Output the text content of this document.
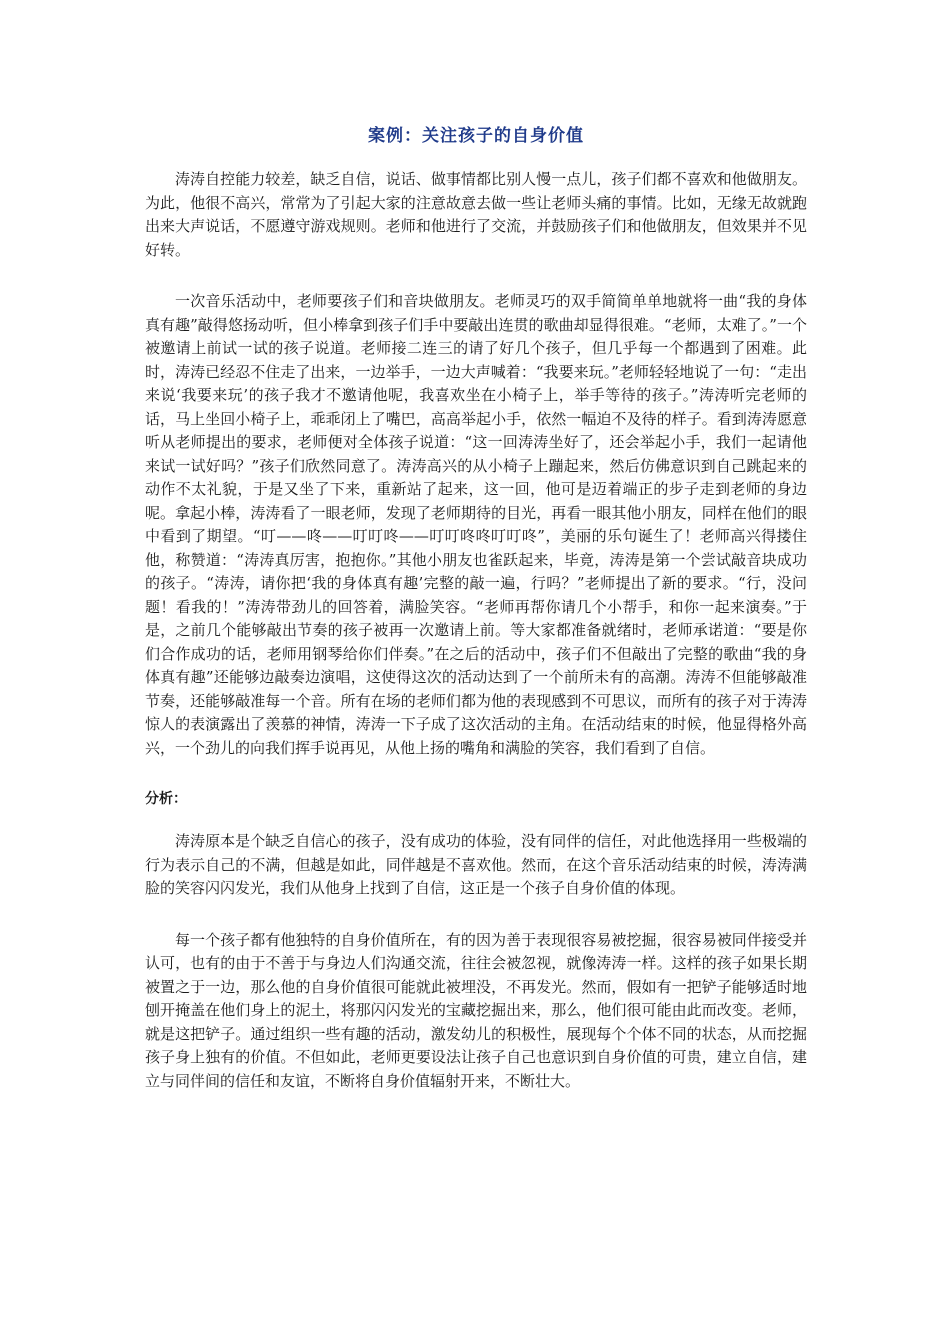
案例：关注孩子的自身价值

涛涛自控能力较差，缺乏自信，说话、做事情都比别人慢一点儿，孩子们都不喜欢和他做朋友。为此，他很不高兴，常常为了引起大家的注意故意去做一些让老师头痛的事情。比如，无缘无故就跑出来大声说话，不愿遵守游戏规则。老师和他进行了交流，并鼓励孩子们和他做朋友，但效果并不见好转。

一次音乐活动中，老师要孩子们和音块做朋友。老师灵巧的双手简简单单地就将一曲“我的身体真有趣”敲得悠扬动听，但小棒拿到孩子们手中要敲出连贯的歌曲却显得很难。“老师，太难了。”一个被邀请上前试一试的孩子说道。老师接二连三的请了好几个孩子，但几乎每一个都遇到了困难。此时，涛涛已经忍不住走了出来，一边举手，一边大声喊着：“我要来玩。”老师轻轻地说了一句：“走出来说‘我要来玩’的孩子我才不邀请他呢，我喜欢坐在小椅子上，举手等待的孩子。”涛涛听完老师的话，马上坐回小椅子上，乖乖闭上了嘴巴，高高举起小手，依然一幅迫不及待的样子。看到涛涛愿意听从老师提出的要求，老师便对全体孩子说道：“这一回涛涛坐好了，还会举起小手，我们一起请他来试一试好吗？”孩子们欣然同意了。涛涛高兴的从小椅子上蹦起来，然后仿佛意识到自己跳起来的动作不太礼貌，于是又坐了下来，重新站了起来，这一回，他可是迈着端正的步子走到老师的身边呢。拿起小棒，涛涛看了一眼老师，发现了老师期待的目光，再看一眼其他小朋友，同样在他们的眼中看到了期望。“叮——咚——叮叮咚——叮叮咚咚叮叮咚”，美丽的乐句诞生了！老师高兴得搂住他，称赞道：“涛涛真厉害，抱抱你。”其他小朋友也雀跃起来，毕竟，涛涛是第一个尝试敲音块成功的孩子。“涛涛，请你把‘我的身体真有趣’完整的敲一遍，行吗？”老师提出了新的要求。“行，没问题！看我的！”涛涛带劲儿的回答着，满脸笑容。“老师再帮你请几个小帮手，和你一起来演奏。”于是，之前几个能够敲出节奏的孩子被再一次邀请上前。等大家都准备就绪时，老师承诺道：“要是你们合作成功的话，老师用钢琴给你们伴奏。”在之后的活动中，孩子们不但敲出了完整的歌曲“我的身体真有趣”还能够边敲奏边演唱，这使得这次的活动达到了一个前所未有的高潮。涛涛不但能够敲准节奏，还能够敲准每一个音。所有在场的老师们都为他的表现感到不可思议，而所有的孩子对于涛涛惊人的表演露出了羡慕的神情，涛涛一下子成了这次活动的主角。在活动结束的时候，他显得格外高兴，一个劲儿的向我们挥手说再见，从他上扬的嘴角和满脸的笑容，我们看到了自信。

分析：

涛涛原本是个缺乏自信心的孩子，没有成功的体验，没有同伴的信任，对此他选择用一些极端的行为表示自己的不满，但越是如此，同伴越是不喜欢他。然而，在这个音乐活动结束的时候，涛涛满脸的笑容闪闪发光，我们从他身上找到了自信，这正是一个孩子自身价值的体现。

每一个孩子都有他独特的自身价值所在，有的因为善于表现很容易被挖掘，很容易被同伴接受并认可，也有的由于不善于与身边人们沟通交流，往往会被忽视，就像涛涛一样。这样的孩子如果长期被置之于一边，那么他的自身价值很可能就此被埋没，不再发光。然而，假如有一把铲子能够适时地刨开掩盖在他们身上的泥土，将那闪闪发光的宝藏挖掘出来，那么，他们很可能由此而改变。老师，就是这把铲子。通过组织一些有趣的活动，激发幼儿的积极性，展现每个个体不同的状态，从而挖掘孩子身上独有的价值。不但如此，老师更要设法让孩子自己也意识到自身价值的可贵，建立自信，建立与同伴间的信任和友谊，不断将自身价值辐射开来，不断壮大。
